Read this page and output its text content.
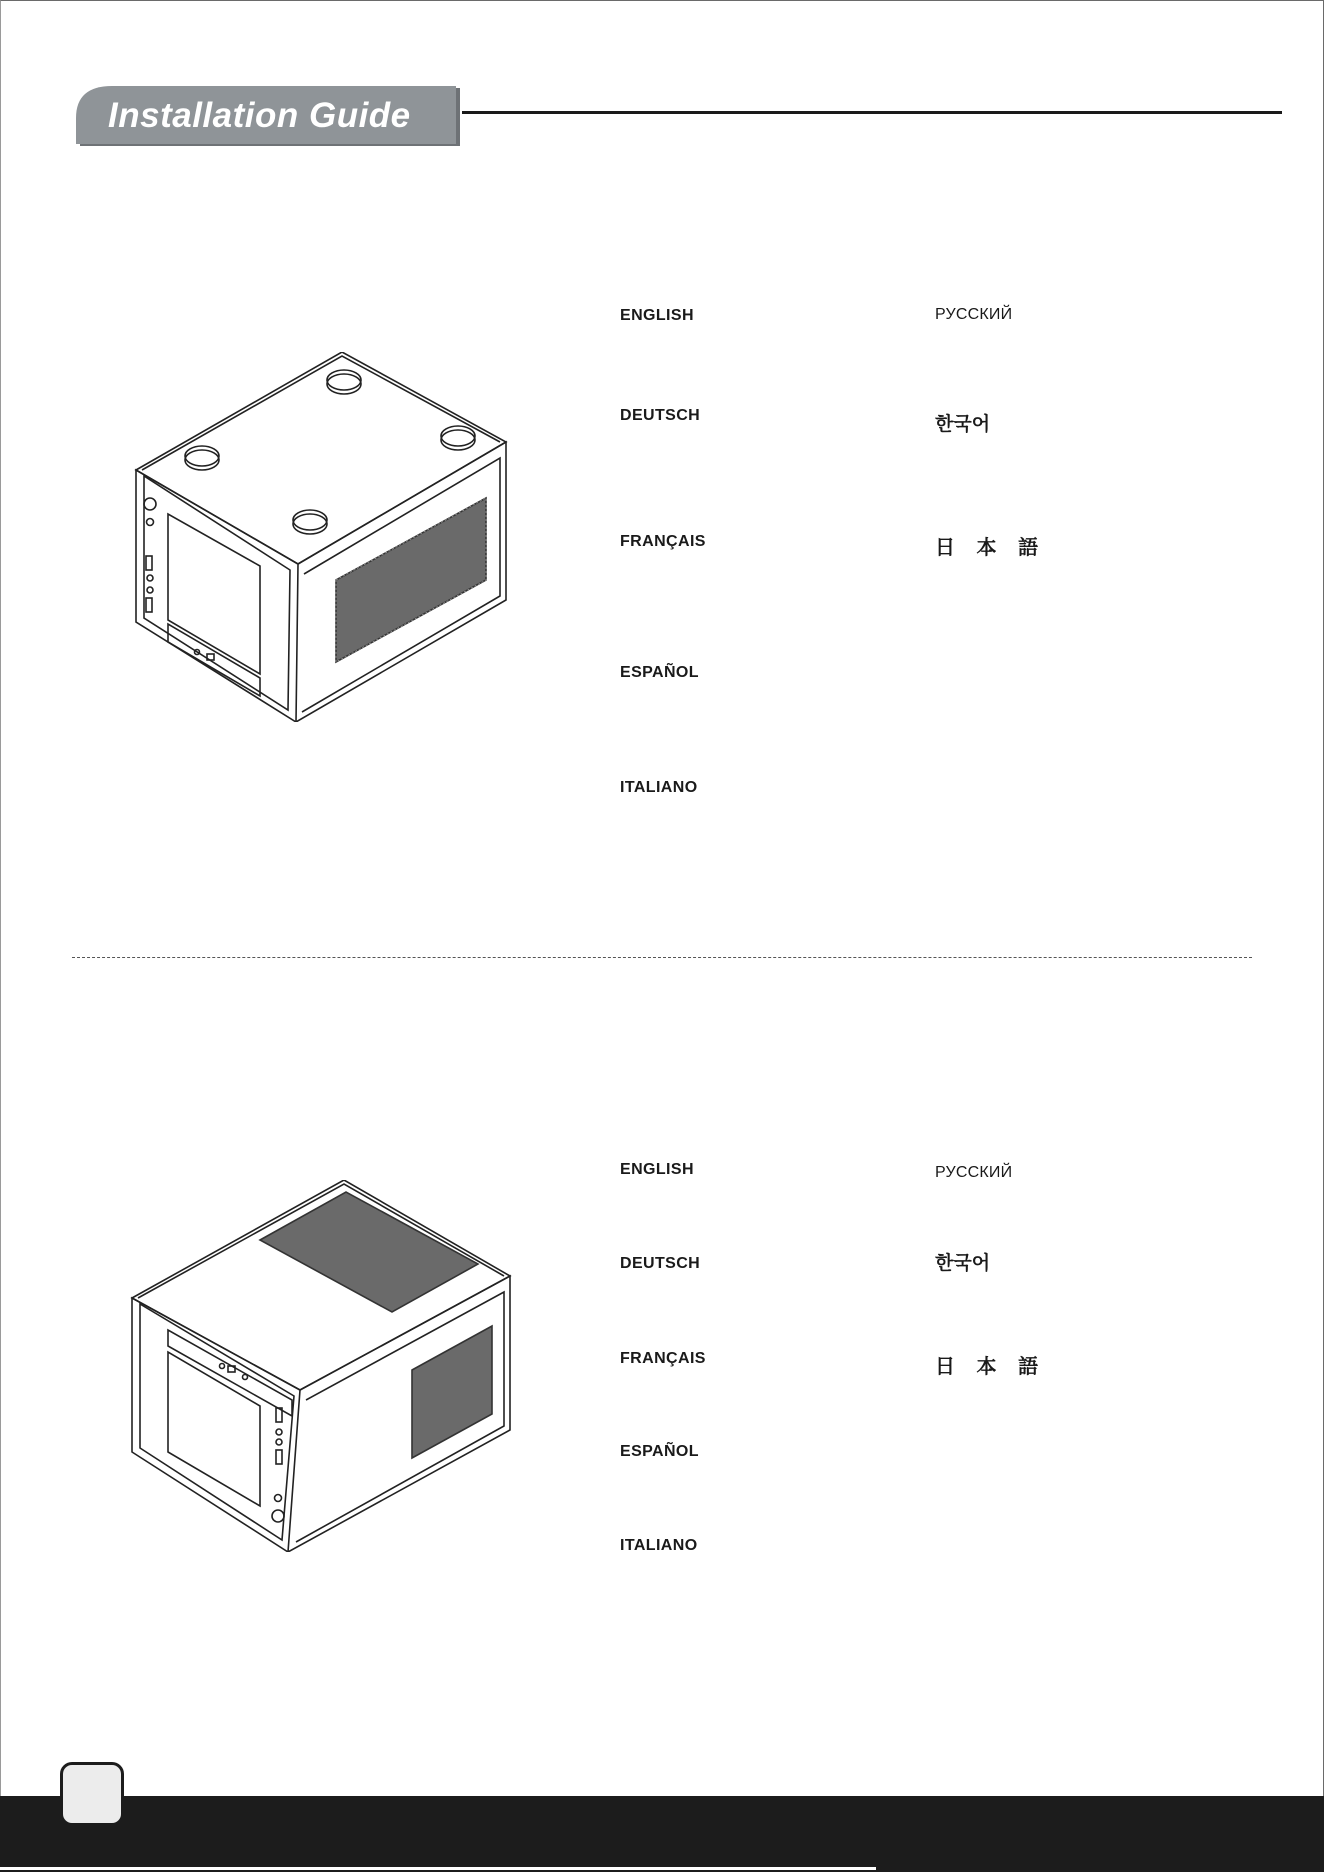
Installation Guide
ENGLISH
DEUTSCH
FRANÇAIS
ESPAÑOL
ITALIANO
РУССКИЙ
한국어
日 本 語
ENGLISH
DEUTSCH
FRANÇAIS
ESPAÑOL
ITALIANO
РУССКИЙ
한국어
日 本 語
